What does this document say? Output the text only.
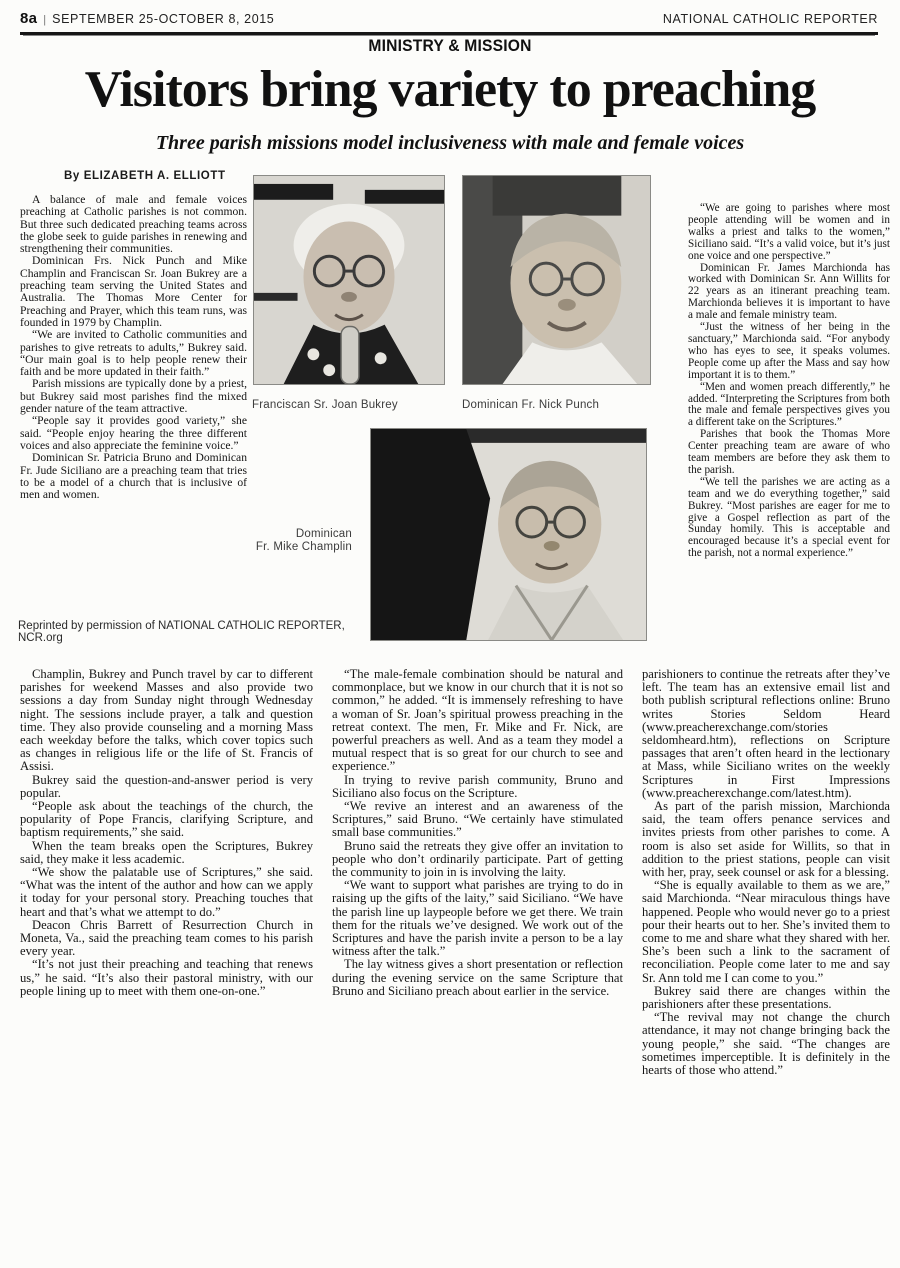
8a | SEPTEMBER 25-OCTOBER 8, 2015	NATIONAL CATHOLIC REPORTER
MINISTRY & MISSION
Visitors bring variety to preaching
Three parish missions model inclusiveness with male and female voices
By ELIZABETH A. ELLIOTT

A balance of male and female voices preaching at Catholic parishes is not common. But three such dedicated preaching teams across the globe seek to guide parishes in renewing and strengthening their communities.

Dominican Frs. Nick Punch and Mike Champlin and Franciscan Sr. Joan Bukrey are a preaching team serving the United States and Australia. The Thomas More Center for Preaching and Prayer, which this team runs, was founded in 1979 by Champlin.

“We are invited to Catholic communities and parishes to give retreats to adults,” Bukrey said. “Our main goal is to help people renew their faith and be more updated in their faith.”

Parish missions are typically done by a priest, but Bukrey said most parishes find the mixed gender nature of the team attractive.

“People say it provides good variety,” she said. “People enjoy hearing the three different voices and also appreciate the feminine voice.”

Dominican Sr. Patricia Bruno and Dominican Fr. Jude Siciliano are a preaching team that tries to be a model of a church that is inclusive of men and women.

Franciscan Sr. Joan Bukrey	Dominican Fr. Nick Punch

Dominican

Fr. Mike Champlin

Reprinted by permission of NATIONAL CATHOLIC REPORTER, NCR.org

“We are going to parishes where most people attending will be women and in walks a priest and talks to the women,” Siciliano said. “It’s a valid voice, but it’s just one voice and one perspective.”

Dominican Fr. James Marchionda has worked with Dominican Sr. Ann Willits for 22 years as an itinerant preaching team. Marchionda believes it is important to have a male and female ministry team.

“Just the witness of her being in the sanctuary,” Marchionda said. “For anybody who has eyes to see, it speaks volumes. People come up after the Mass and say how important it is to them.”

“Men and women preach differently,” he added. “Interpreting the Scriptures from both the male and female perspectives gives you a different take on the Scriptures.”

Parishes that book the Thomas More Center preaching team are aware of who team members are before they ask them to the parish.

“We tell the parishes we are acting as a team and we do everything together,” said Bukrey. “Most parishes are eager for me to give a Gospel reflection as part of the Sunday homily. This is acceptable and encouraged because it’s a special event for the parish, not a normal experience.”

Champlin, Bukrey and Punch travel by car to different parishes for weekend Masses and also provide two sessions a day from Sunday night through Wednesday night. The sessions include prayer, a talk and question time. They also provide counseling and a morning Mass each weekday before the talks, which cover topics such as changes in religious life or the life of St. Francis of Assisi.

Bukrey said the question-and-answer period is very popular.

“People ask about the teachings of the church, the popularity of Pope Francis, clarifying Scripture, and baptism requirements,” she said.

When the team breaks open the Scriptures, Bukrey said, they make it less academic.

“We show the palatable use of Scriptures,” she said. “What was the intent of the author and how can we apply it today for your personal story. Preaching touches that heart and that’s what we attempt to do.”

Deacon Chris Barrett of Resurrection Church in Moneta, Va., said the preaching team comes to his parish every year.

“It’s not just their preaching and teaching that renews us,” he said. “It’s also their pastoral ministry, with our people lining up to meet with them one-on-one.”

“The male-female combination should be natural and commonplace, but we know in our church that it is not so common,” he added. “It is immensely refreshing to have a woman of Sr. Joan’s spiritual prowess preaching in the retreat context. The men, Fr. Mike and Fr. Nick, are powerful preachers as well. And as a team they model a mutual respect that is so great for our church to see and experience.”

In trying to revive parish community, Bruno and Siciliano also focus on the Scripture.

“We revive an interest and an awareness of the Scriptures,” said Bruno. “We certainly have stimulated small base communities.”

Bruno said the retreats they give offer an invitation to people who don’t ordinarily participate. Part of getting the community to join in is involving the laity.

“We want to support what parishes are trying to do in raising up the gifts of the laity,” said Siciliano. “We have the parish line up laypeople before we get there. We train them for the rituals we’ve designed. We work out of the Scriptures and have the parish invite a person to be a lay witness after the talk.”

The lay witness gives a short presentation or reflection during the evening service on the same Scripture that Bruno and Siciliano preach about earlier in the service.

parishioners to continue the retreats after they’ve left. The team has an extensive email list and both publish scriptural reflections online: Bruno writes Stories Seldom Heard (www.preacherexchange.com/stories seldomheard.htm), reflections on Scripture passages that aren’t often heard in the lectionary at Mass, while Siciliano writes on the weekly Scriptures in First Impressions (www.preacherexchange.com/latest.htm).

As part of the parish mission, Marchionda said, the team offers penance services and invites priests from other parishes to come. A room is also set aside for Willits, so that in addition to the priest stations, people can visit with her, pray, seek counsel or ask for a blessing.

“She is equally available to them as we are,” said Marchionda. “Near miraculous things have happened. People who would never go to a priest pour their hearts out to her. She’s invited them to come to me and share what they shared with her. She’s been such a link to the sacrament of reconciliation. People come later to me and say Sr. Ann told me I can come to you.”

Bukrey said there are changes within the parishioners after these presentations.

“The revival may not change the church attendance, it may not change bringing back the young people,” she said. “The changes are sometimes imperceptible. It is definitely in the hearts of those who attend.”
